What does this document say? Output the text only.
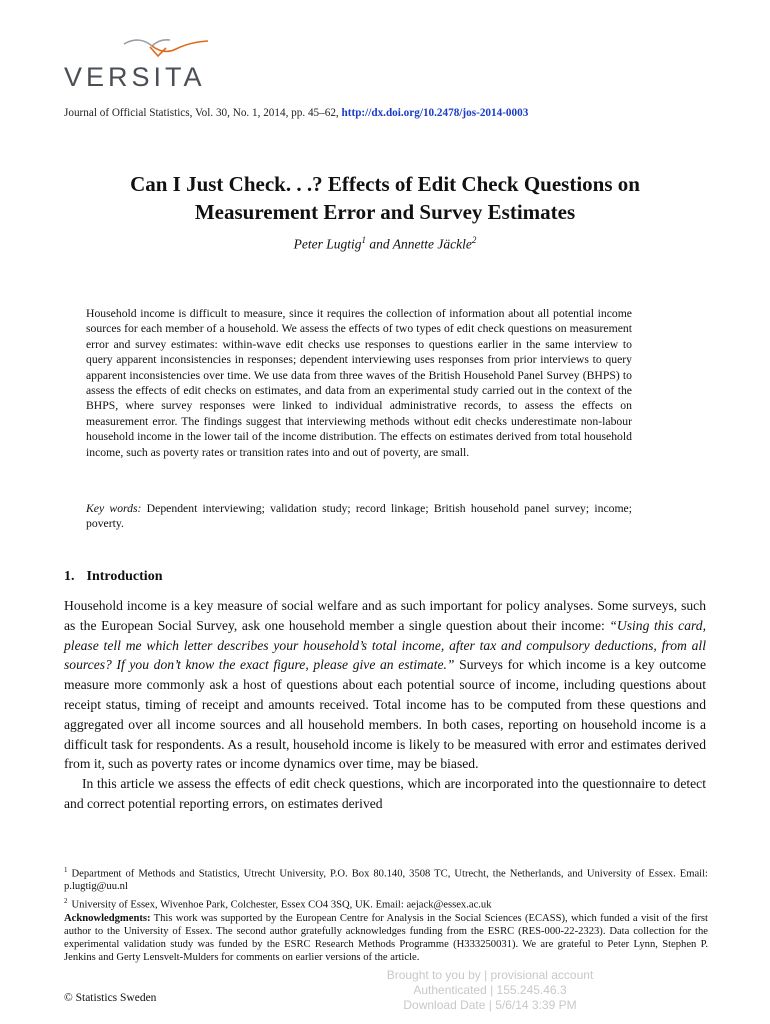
VERSITA
Journal of Official Statistics, Vol. 30, No. 1, 2014, pp. 45–62, http://dx.doi.org/10.2478/jos-2014-0003
Can I Just Check. . .? Effects of Edit Check Questions on
Measurement Error and Survey Estimates
Peter Lugtig$^1$ and Annette Jäckle$^2$
Household income is difficult to measure, since it requires the collection of information about all potential income sources for each member of a household. We assess the effects of two types of edit check questions on measurement error and survey estimates: within-wave edit checks use responses to questions earlier in the same interview to query apparent inconsistencies in responses; dependent interviewing uses responses from prior interviews to query apparent inconsistencies over time. We use data from three waves of the British Household Panel Survey (BHPS) to assess the effects of edit checks on estimates, and data from an experimental study carried out in the context of the BHPS, where survey responses were linked to individual administrative records, to assess the effects on measurement error. The findings suggest that interviewing methods without edit checks underestimate non-labour household income in the lower tail of the income distribution. The effects on estimates derived from total household income, such as poverty rates or transition rates into and out of poverty, are small.
Key words: Dependent interviewing; validation study; record linkage; British household panel survey; income; poverty.
1. Introduction

Household income is a key measure of social welfare and as such important for policy analyses. Some surveys, such as the European Social Survey, ask one household member a single question about their income: “Using this card, please tell me which letter describes your household’s total income, after tax and compulsory deductions, from all sources? If you don’t know the exact figure, please give an estimate.” Surveys for which income is a key outcome measure more commonly ask a host of questions about each potential source of income, including questions about receipt status, timing of receipt and amounts received. Total income has to be computed from these questions and aggregated over all income sources and all household members. In both cases, reporting on household income is a difficult task for respondents. As a result, household income is likely to be measured with error and estimates derived from it, such as poverty rates or income dynamics over time, may be biased.

In this article we assess the effects of edit check questions, which are incorporated into the questionnaire to detect and correct potential reporting errors, on estimates derived

$^1$ Department of Methods and Statistics, Utrecht University, P.O. Box 80.140, 3508 TC, Utrecht, the Netherlands, and University of Essex. Email: p.lugtig@uu.nl

$^2$ University of Essex, Wivenhoe Park, Colchester, Essex CO4 3SQ, UK. Email: aejack@essex.ac.uk

Acknowledgments: This work was supported by the European Centre for Analysis in the Social Sciences (ECASS), which funded a visit of the first author to the University of Essex. The second author gratefully acknowledges funding from the ESRC (RES-000-22-2323). Data collection for the experimental validation study was funded by the ESRC Research Methods Programme (H333250031). We are grateful to Peter Lynn, Stephen P. Jenkins and Gerty Lensvelt-Mulders for comments on earlier versions of the article.

© Statistics Sweden
Brought to you by | provisional account
Authenticated | 155.245.46.3
Download Date | 5/6/14 3:39 PM
